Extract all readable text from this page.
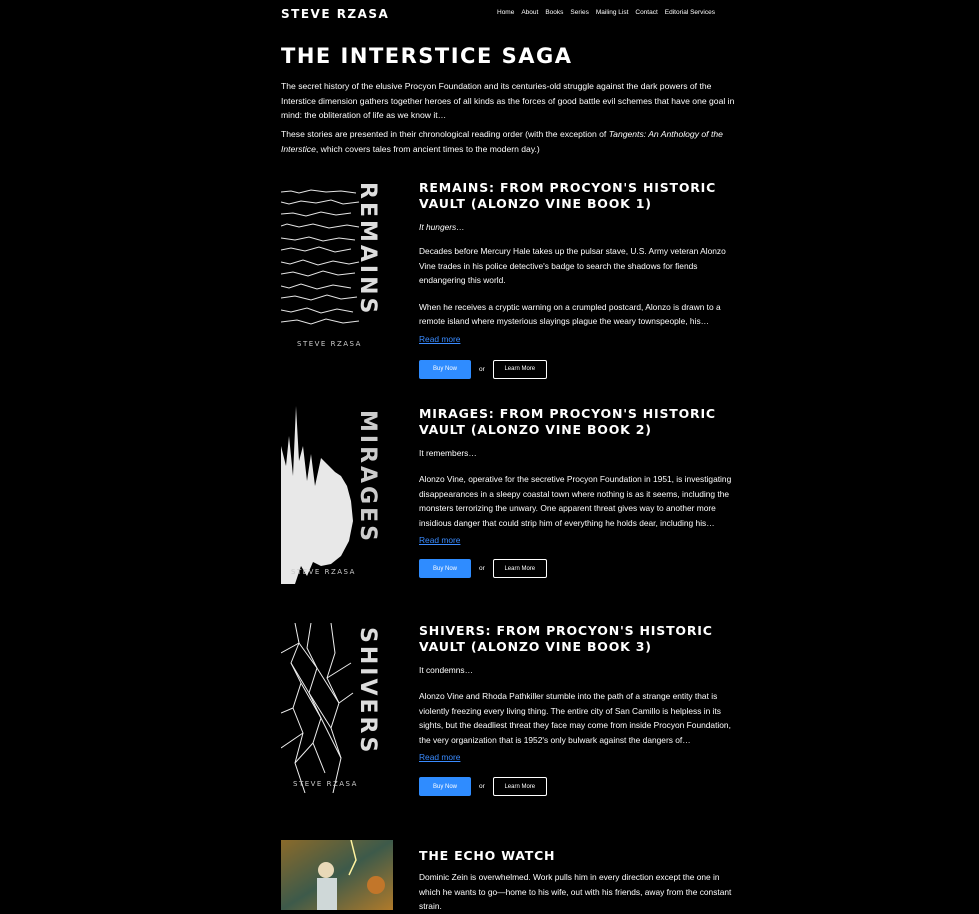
STEVE RZASA	Home About Books Series Mailing List Contact Editorial Services
THE INTERSTICE SAGA

The secret history of the elusive Procyon Foundation and its centuries-old struggle against the dark powers of the Interstice dimension gathers together heroes of all kinds as the forces of good battle evil schemes that have one goal in mind: the obliteration of life as we know it…

These stories are presented in their chronological reading order (with the exception of Tangents: An Anthology of the Interstice, which covers tales from ancient times to the modern day.)

REMAINS
STEVE RZASA
REMAINS: FROM PROCYON'S HISTORIC VAULT (ALONZO VINE BOOK 1)

It hungers…

Decades before Mercury Hale takes up the pulsar stave, U.S. Army veteran Alonzo Vine trades in his police detective's badge to search the shadows for fiends endangering this world.

When he receives a cryptic warning on a crumpled postcard, Alonzo is drawn to a remote island where mysterious slayings plague the weary townspeople, his…

Read more
Buy Now	or	Learn More
MIRAGES
STEVE RZASA
MIRAGES: FROM PROCYON'S HISTORIC VAULT (ALONZO VINE BOOK 2)

It remembers…

Alonzo Vine, operative for the secretive Procyon Foundation in 1951, is investigating disappearances in a sleepy coastal town where nothing is as it seems, including the monsters terrorizing the unwary. One apparent threat gives way to another more insidious danger that could strip him of everything he holds dear, including his…

Read more
Buy Now	or	Learn More
SHIVERS
STEVE RZASA
SHIVERS: FROM PROCYON'S HISTORIC VAULT (ALONZO VINE BOOK 3)

It condemns…

Alonzo Vine and Rhoda Pathkiller stumble into the path of a strange entity that is violently freezing every living thing. The entire city of San Camillo is helpless in its sights, but the deadliest threat they face may come from inside Procyon Foundation, the very organization that is 1952's only bulwark against the dangers of…

Read more
Buy Now	or	Learn More
THE ECHO WATCH

Dominic Zein is overwhelmed. Work pulls him in every direction except the one in which he wants to go—home to his wife, out with his friends, away from the constant strain.
